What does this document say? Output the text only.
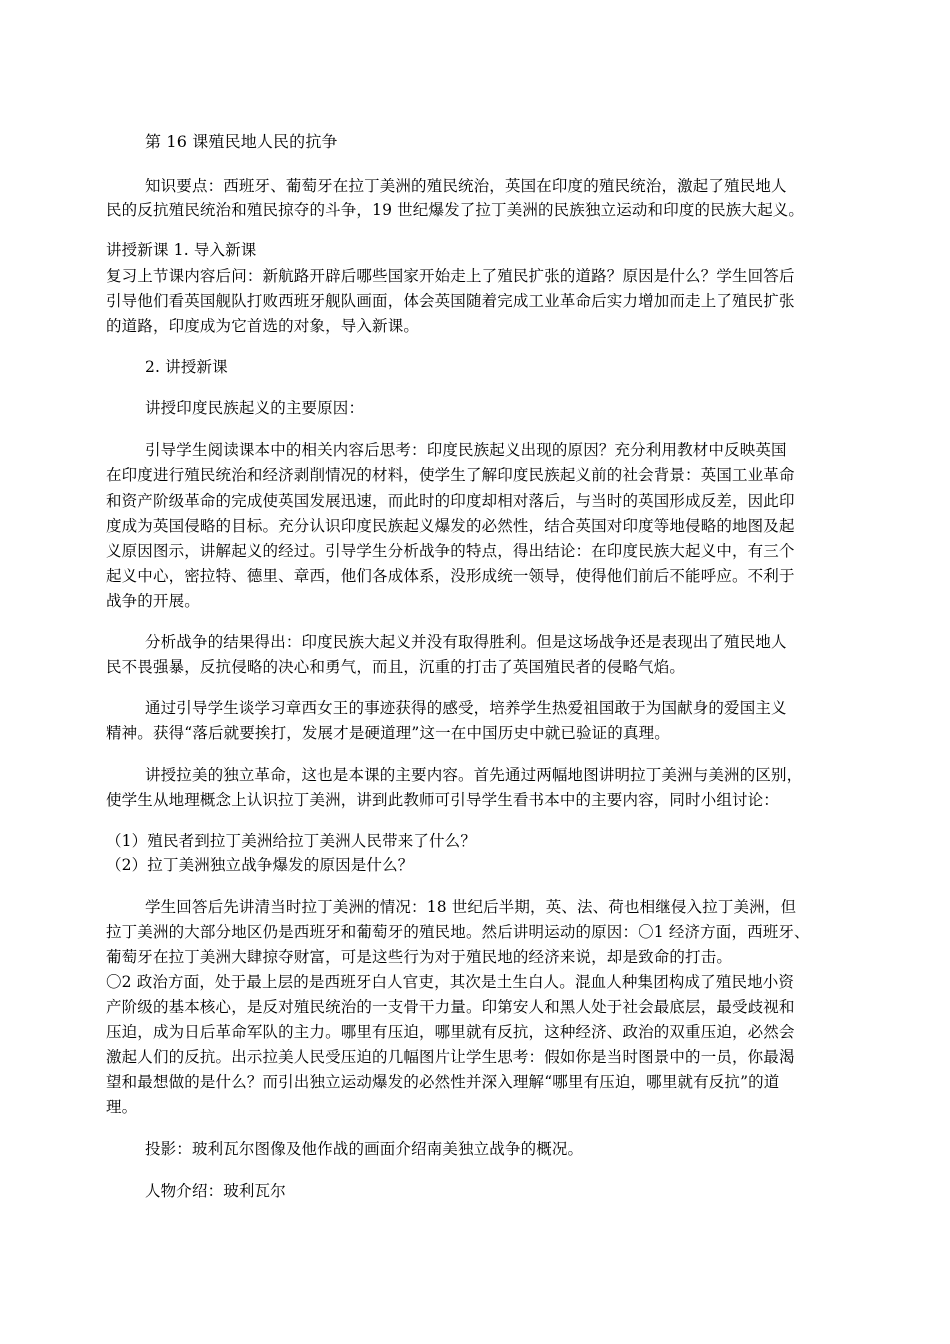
第 16 课殖民地人民的抗争
知识要点：西班牙、葡萄牙在拉丁美洲的殖民统治，英国在印度的殖民统治，激起了殖民地人
民的反抗殖民统治和殖民掠夺的斗争，19 世纪爆发了拉丁美洲的民族独立运动和印度的民族大起义。
讲授新课 1. 导入新课
复习上节课内容后问：新航路开辟后哪些国家开始走上了殖民扩张的道路？原因是什么？学生回答后
引导他们看英国舰队打败西班牙舰队画面，体会英国随着完成工业革命后实力增加而走上了殖民扩张
的道路，印度成为它首选的对象，导入新课。
2. 讲授新课
讲授印度民族起义的主要原因：
引导学生阅读课本中的相关内容后思考：印度民族起义出现的原因？充分利用教材中反映英国
在印度进行殖民统治和经济剥削情况的材料，使学生了解印度民族起义前的社会背景：英国工业革命
和资产阶级革命的完成使英国发展迅速，而此时的印度却相对落后，与当时的英国形成反差，因此印
度成为英国侵略的目标。充分认识印度民族起义爆发的必然性，结合英国对印度等地侵略的地图及起
义原因图示，讲解起义的经过。引导学生分析战争的特点，得出结论：在印度民族大起义中，有三个
起义中心，密拉特、德里、章西，他们各成体系，没形成统一领导，使得他们前后不能呼应。不利于
战争的开展。
分析战争的结果得出：印度民族大起义并没有取得胜利。但是这场战争还是表现出了殖民地人
民不畏强暴，反抗侵略的决心和勇气，而且，沉重的打击了英国殖民者的侵略气焰。
通过引导学生谈学习章西女王的事迹获得的感受，培养学生热爱祖国敢于为国献身的爱国主义
精神。获得“落后就要挨打，发展才是硬道理”这一在中国历史中就已验证的真理。
讲授拉美的独立革命，这也是本课的主要内容。首先通过两幅地图讲明拉丁美洲与美洲的区别，
使学生从地理概念上认识拉丁美洲，讲到此教师可引导学生看书本中的主要内容，同时小组讨论：
（1）殖民者到拉丁美洲给拉丁美洲人民带来了什么？
（2）拉丁美洲独立战争爆发的原因是什么？
学生回答后先讲清当时拉丁美洲的情况：18 世纪后半期，英、法、荷也相继侵入拉丁美洲，但
拉丁美洲的大部分地区仍是西班牙和葡萄牙的殖民地。然后讲明运动的原因：〇1 经济方面，西班牙、
葡萄牙在拉丁美洲大肆掠夺财富，可是这些行为对于殖民地的经济来说，却是致命的打击。
〇2 政治方面，处于最上层的是西班牙白人官吏，其次是土生白人。混血人种集团构成了殖民地小资
产阶级的基本核心，是反对殖民统治的一支骨干力量。印第安人和黑人处于社会最底层，最受歧视和
压迫，成为日后革命军队的主力。哪里有压迫，哪里就有反抗，这种经济、政治的双重压迫，必然会
激起人们的反抗。出示拉美人民受压迫的几幅图片让学生思考：假如你是当时图景中的一员，你最渴
望和最想做的是什么？而引出独立运动爆发的必然性并深入理解“哪里有压迫，哪里就有反抗”的道
理。
投影：玻利瓦尔图像及他作战的画面介绍南美独立战争的概况。
人物介绍：玻利瓦尔
